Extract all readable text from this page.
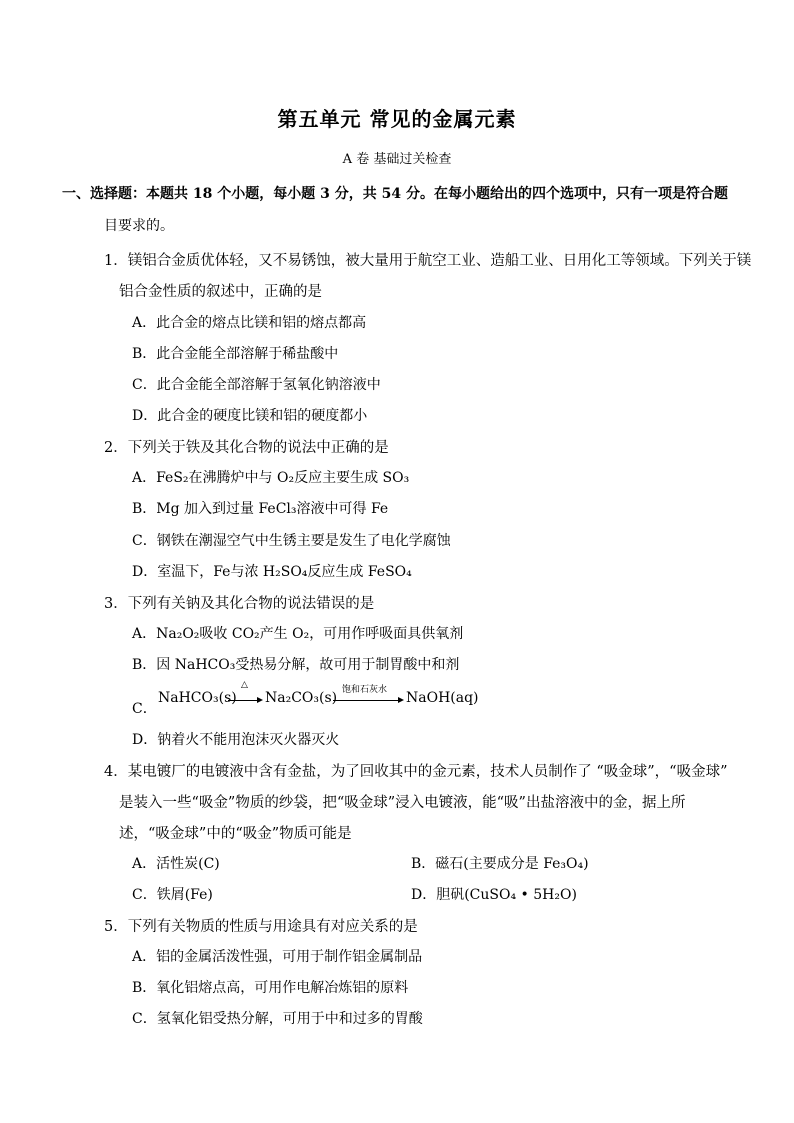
第五单元 常见的金属元素
A 卷 基础过关检查
一、选择题：本题共 18 个小题，每小题 3 分，共 54 分。在每小题给出的四个选项中，只有一项是符合题
目要求的。
1．镁铝合金质优体轻，又不易锈蚀，被大量用于航空工业、造船工业、日用化工等领域。下列关于镁
铝合金性质的叙述中，正确的是
A．此合金的熔点比镁和铝的熔点都高
B．此合金能全部溶解于稀盐酸中
C．此合金能全部溶解于氢氧化钠溶液中
D．此合金的硬度比镁和铝的硬度都小
2．下列关于铁及其化合物的说法中正确的是
A．FeS₂在沸腾炉中与 O₂反应主要生成 SO₃
B．Mg 加入到过量 FeCl₃溶液中可得 Fe
C．钢铁在潮湿空气中生锈主要是发生了电化学腐蚀
D．室温下，Fe与浓 H₂SO₄反应生成 FeSO₄
3．下列有关钠及其化合物的说法错误的是
A．Na₂O₂吸收 CO₂产生 O₂，可用作呼吸面具供氧剂
B．因 NaHCO₃受热易分解，故可用于制胃酸中和剂
C．
NaHCO₃(s)
△
Na₂CO₃(s) 饱和石灰水 NaOH(aq)
D．钠着火不能用泡沫灭火器灭火
4．某电镀厂的电镀液中含有金盐，为了回收其中的金元素，技术人员制作了 “吸金球”，“吸金球”
是装入一些“吸金”物质的纱袋，把“吸金球”浸入电镀液，能“吸”出盐溶液中的金，据上所
述，“吸金球”中的“吸金”物质可能是
A．活性炭(C)	B．磁石(主要成分是 Fe₃O₄)
C．铁屑(Fe)	D．胆矾(CuSO₄ • 5H₂O)
5．下列有关物质的性质与用途具有对应关系的是
A．铝的金属活泼性强，可用于制作铝金属制品
B．氧化铝熔点高，可用作电解冶炼铝的原料
C．氢氧化铝受热分解，可用于中和过多的胃酸
